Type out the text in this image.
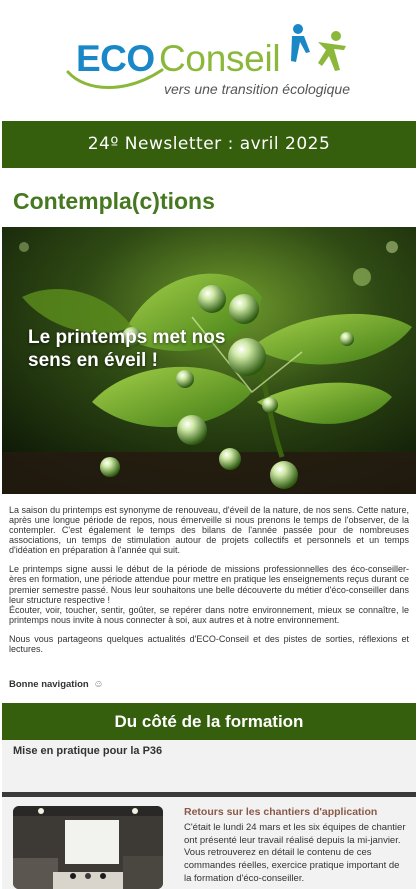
ECO Conseil
vers une transition écologique
24º Newsletter : avril 2025
Contempla(c)tions
Le printemps met nos sens en éveil !

La saison du printemps est synonyme de renouveau, d'éveil de la nature, de nos sens. Cette nature, après une longue période de repos, nous émerveille si nous prenons le temps de l'observer, de la contempler. C'est également le temps des bilans de l'année passée pour de nombreuses associations, un temps de stimulation autour de projets collectifs et personnels et un temps d'idéation en préparation à l'année qui suit.

Le printemps signe aussi le début de la période de missions professionnelles des éco-conseiller-ères en formation, une période attendue pour mettre en pratique les enseignements reçus durant ce premier semestre passé. Nous leur souhaitons une belle découverte du métier d'éco-conseiller dans leur structure respective !

Écouter, voir, toucher, sentir, goûter, se repérer dans notre environnement, mieux se connaître, le printemps nous invite à nous connecter à soi, aux autres et à notre environnement.

Nous vous partageons quelques actualités d'ECO-Conseil et des pistes de sorties, réflexions et lectures.

Bonne navigation ☺
Du côté de la formation
Mise en pratique pour la P36
Retours sur les chantiers d'application
C'était le lundi 24 mars et les six équipes de chantier ont présenté leur travail réalisé depuis la mi-janvier. Vous retrouverez en détail le contenu de ces commandes réelles, exercice pratique important de la formation d'éco-conseiller.
